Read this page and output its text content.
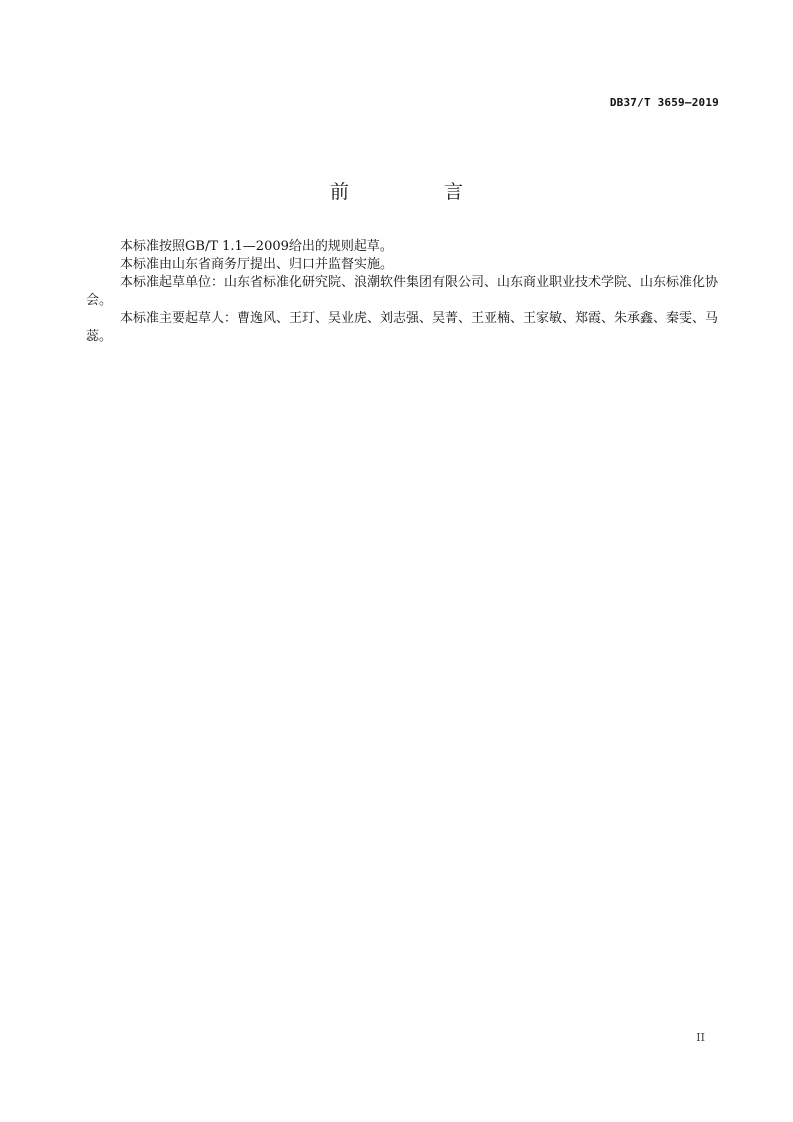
DB37/T 3659—2019
前　言

本标准按照GB/T 1.1—2009给出的规则起草。

本标准由山东省商务厅提出、归口并监督实施。

本标准起草单位：山东省标准化研究院、浪潮软件集团有限公司、山东商业职业技术学院、山东标准化协会。

本标准主要起草人：曹逸风、王玎、吴业虎、刘志强、吴菁、王亚楠、王家敏、郑霞、朱承鑫、秦雯、马蕊。

II
